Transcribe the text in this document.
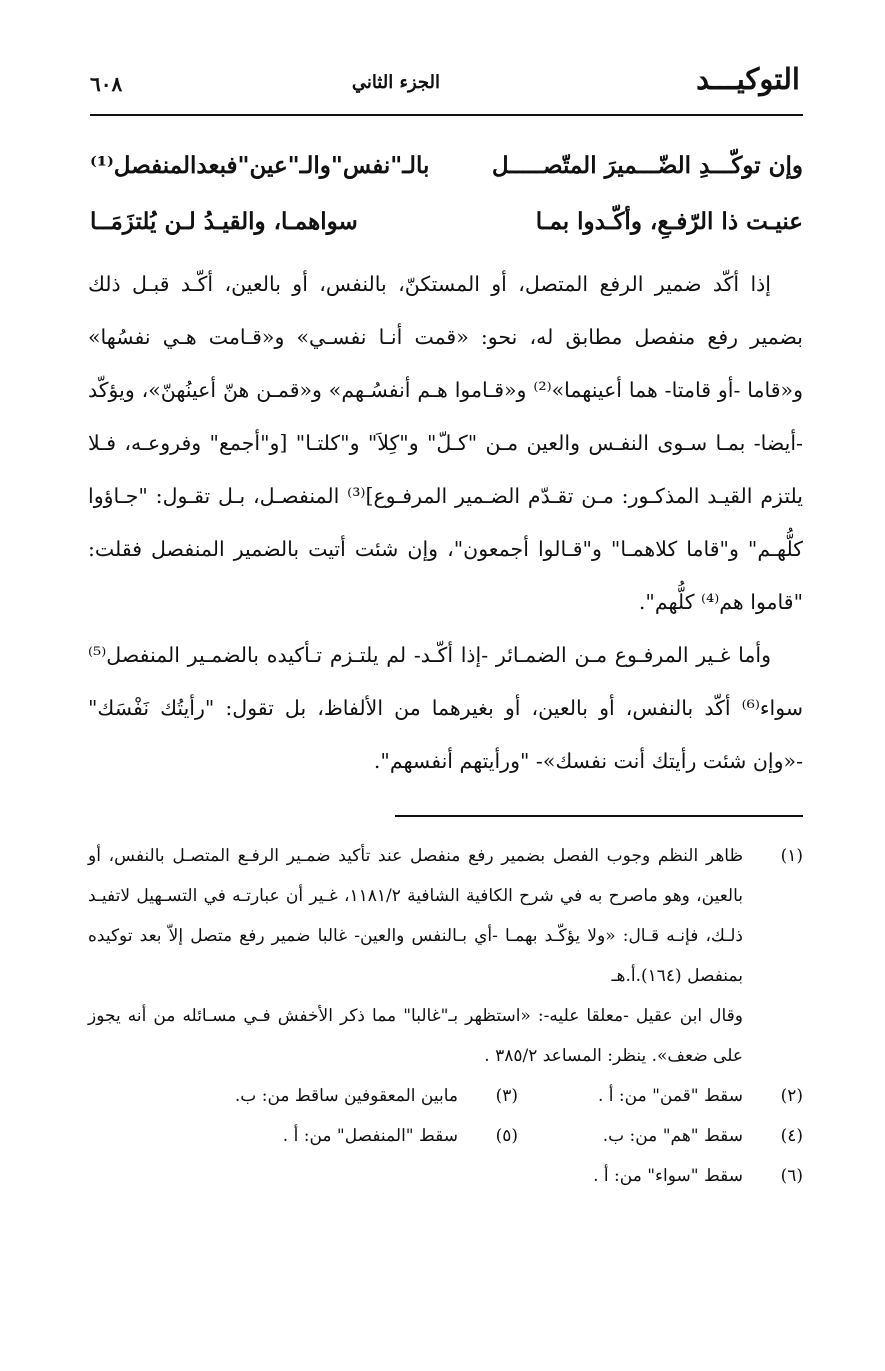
التوكيـــد
الجزء الثاني
٦٠٨
وإن توكّـــدِ الضّـــميرَ المتّصـــــل
بالـ"نفس"والـ"عين"فبعدالمنفصل⁽¹⁾
عنيـت ذا الرّفـعِ، وأكّـدوا بمـا
سواهمـا، والقيـدُ لـن يُلتزَمَــا

إذا أكّد ضمير الرفع المتصل، أو المستكنّ، بالنفس، أو بالعين، أكّـد قبـل ذلك بضمير رفع منفصل مطابق له، نحو: «قمت أنـا نفسـي» و«قـامت هـي نفسُها» و«قاما -أو قامتا- هما أعينهما»⁽²⁾ و«قـاموا هـم أنفسُـهم» و«قمـن هنّ أعينُهنّ»، ويؤكّد -أيضا- بمـا سـوى النفـس والعين مـن "كـلّ" و"كِلاَ" و"كلتـا" [و"أجمع" وفروعـه، فـلا يلتزم القيـد المذكـور: مـن تقـدّم الضـمير المرفـوع]⁽³⁾ المنفصـل، بـل تقـول: "جـاؤوا كلُّهـم" و"قاما كلاهمـا" و"قـالوا أجمعون"، وإن شئت أتيت بالضمير المنفصل فقلت: "قاموا هم⁽⁴⁾ كلُّهم".

وأما غـير المرفـوع مـن الضمـائر -إذا أكّـد- لم يلتـزم تـأكيده بالضمـير المنفصل⁽⁵⁾ سواء⁽⁶⁾ أكّد بالنفس، أو بالعين، أو بغيرهما من الألفاظ، بل تقول: "رأيتُك نَفْسَك" -«وإن شئت رأيتك أنت نفسك»- "ورأيتهم أنفسهم".

(١)
ظاهر النظم وجوب الفصل بضمير رفع منفصل عند تأكيد ضمـير الرفـع المتصـل بالنفس، أو بالعين، وهو ماصرح به في شرح الكافية الشافية ١١٨١/٢، غـير أن عبارتـه في التسـهيل لاتفيـد ذلـك، فإنـه قـال: «ولا يؤكّـد بهمـا -أي بـالنفس والعين- غالبا ضمير رفع متصل إلاّ بعد توكيده بمنفصل (١٦٤).أ.هـ
وقال ابن عقيل -معلقا عليه-: «استظهر بـ"غالبا" مما ذكر الأخفش فـي مسـائله من أنه يجوز على ضعف». ينظر: المساعد ٣٨٥/٢ .
(٢)
سقط "قمن" من: أ .
(٣)
مابين المعقوفين ساقط من: ب.
(٤)
سقط "هم" من: ب.
(٥)
سقط "المنفصل" من: أ .
(٦)
سقط "سواء" من: أ .
